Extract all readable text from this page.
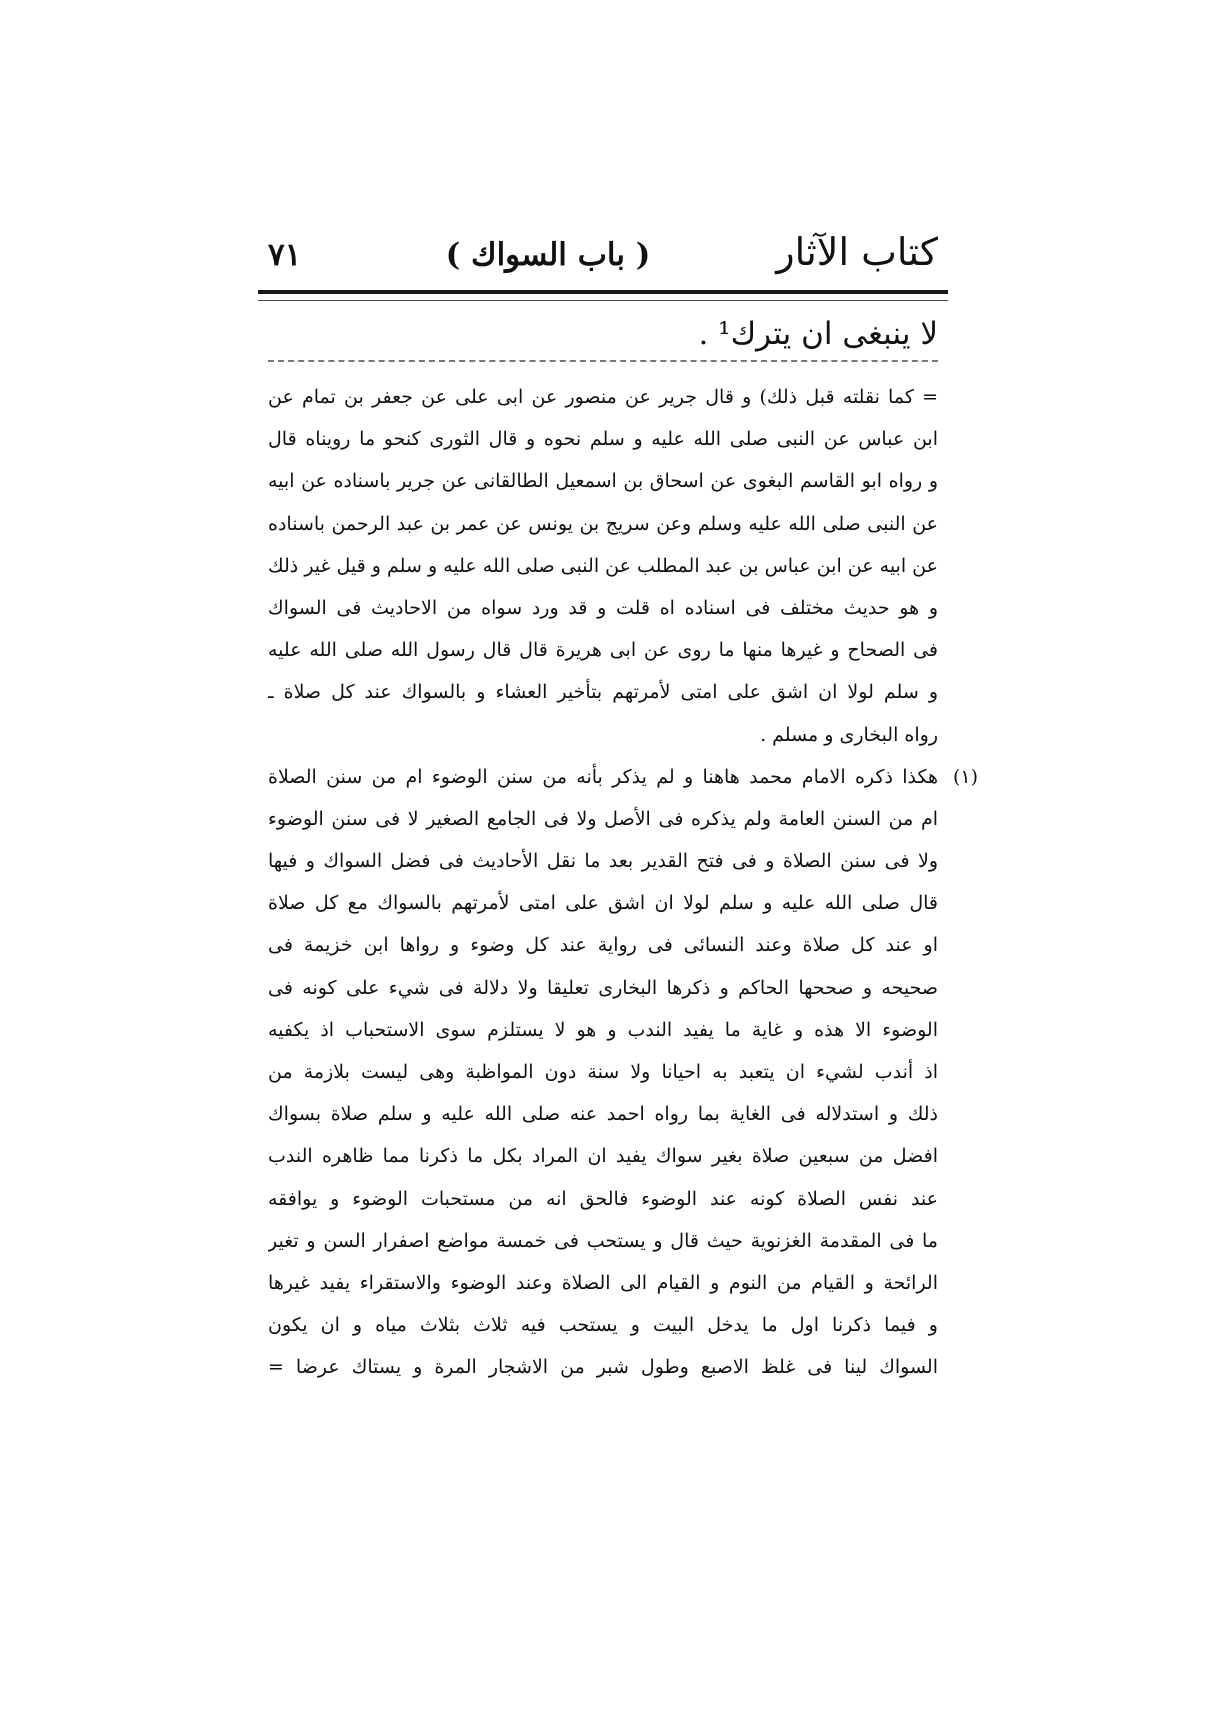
كتاب الآثار
( باب السواك )
٧١
لا ينبغى ان يترك¹ .
= كما نقلته قبل ذلك) و قال جرير عن منصور عن ابى على عن جعفر بن تمام عن
ابن عباس عن النبى صلى الله عليه و سلم نحوه و قال الثورى كنحو ما رويناه قال
و رواه ابو القاسم البغوى عن اسحاق بن اسمعيل الطالقانى عن جرير باسناده عن ابيه
عن النبى صلى الله عليه وسلم وعن سريج بن يونس عن عمر بن عبد الرحمن باسناده
عن ابيه عن ابن عباس بن عبد المطلب عن النبى صلى الله عليه و سلم و قيل غير ذلك
و هو حديث مختلف فى اسناده اه قلت و قد ورد سواه من الاحاديث فى السواك
فى الصحاح و غيرها منها ما روى عن ابى هريرة قال قال رسول الله صلى الله عليه
و سلم لولا ان اشق على امتى لأمرتهم بتأخير العشاء و بالسواك عند كل صلاة ـ
رواه البخارى و مسلم .
(١)
هكذا ذكره الامام محمد هاهنا و لم يذكر بأنه من سنن الوضوء ام من سنن الصلاة
ام من السنن العامة ولم يذكره فى الأصل ولا فى الجامع الصغير لا فى سنن الوضوء
ولا فى سنن الصلاة و فى فتح القدير بعد ما نقل الأحاديث فى فضل السواك و فيها
قال صلى الله عليه و سلم لولا ان اشق على امتى لأمرتهم بالسواك مع كل صلاة
او عند كل صلاة وعند النسائى فى رواية عند كل وضوء و رواها ابن خزيمة فى
صحيحه و صححها الحاكم و ذكرها البخارى تعليقا ولا دلالة فى شيء على كونه فى
الوضوء الا هذه و غاية ما يفيد الندب و هو لا يستلزم سوى الاستحباب اذ يكفيه
اذ أندب لشيء ان يتعبد به احيانا ولا سنة دون المواظبة وهى ليست بلازمة من
ذلك و استدلاله فى الغاية بما رواه احمد عنه صلى الله عليه و سلم صلاة بسواك
افضل من سبعين صلاة بغير سواك يفيد ان المراد بكل ما ذكرنا مما ظاهره الندب
عند نفس الصلاة كونه عند الوضوء فالحق انه من مستحبات الوضوء و يوافقه
ما فى المقدمة الغزنوية حيث قال و يستحب فى خمسة مواضع اصفرار السن و تغير
الرائحة و القيام من النوم و القيام الى الصلاة وعند الوضوء والاستقراء يفيد غيرها
و فيما ذكرنا اول ما يدخل البيت و يستحب فيه ثلاث بثلاث مياه و ان يكون
السواك لينا فى غلظ الاصبع وطول شبر من الاشجار المرة و يستاك عرضا =
